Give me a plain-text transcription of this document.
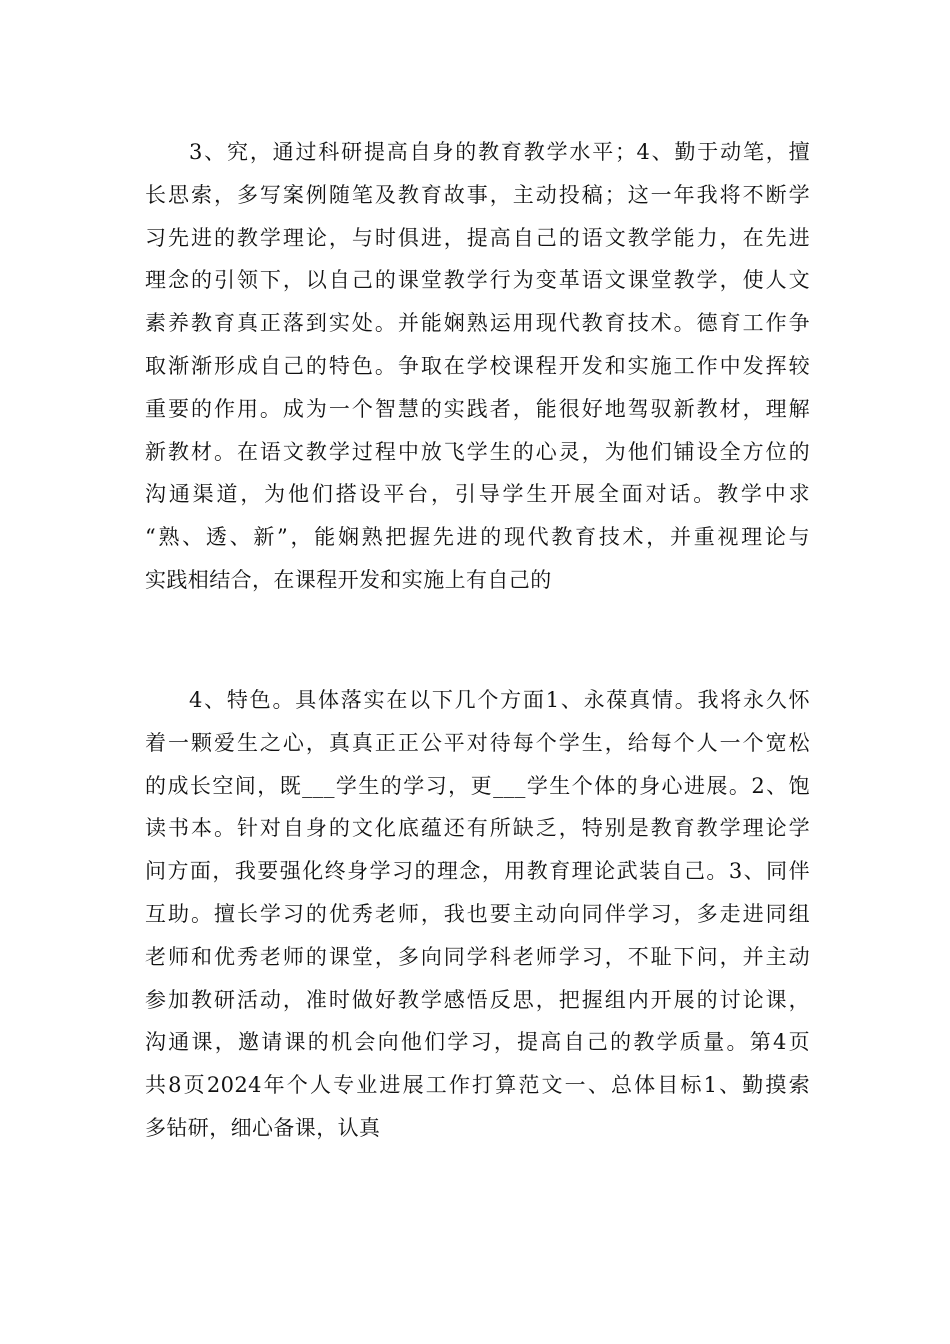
3、究，通过科研提高自身的教育教学水平；4、勤于动笔，擅
长思索，多写案例随笔及教育故事，主动投稿；这一年我将不断学
习先进的教学理论，与时俱进，提高自己的语文教学能力，在先进
理念的引领下，以自己的课堂教学行为变革语文课堂教学，使人文
素养教育真正落到实处。并能娴熟运用现代教育技术。德育工作争
取渐渐形成自己的特色。争取在学校课程开发和实施工作中发挥较
重要的作用。成为一个智慧的实践者，能很好地驾驭新教材，理解
新教材。在语文教学过程中放飞学生的心灵，为他们铺设全方位的
沟通渠道，为他们搭设平台，引导学生开展全面对话。教学中求
“熟、透、新”，能娴熟把握先进的现代教育技术，并重视理论与
实践相结合，在课程开发和实施上有自己的
4、特色。具体落实在以下几个方面1、永葆真情。我将永久怀
着一颗爱生之心，真真正正公平对待每个学生，给每个人一个宽松
的成长空间，既___学生的学习，更___学生个体的身心进展。2、饱
读书本。针对自身的文化底蕴还有所缺乏，特别是教育教学理论学
问方面，我要强化终身学习的理念，用教育理论武装自己。3、同伴
互助。擅长学习的优秀老师，我也要主动向同伴学习，多走进同组
老师和优秀老师的课堂，多向同学科老师学习，不耻下问，并主动
参加教研活动，准时做好教学感悟反思，把握组内开展的讨论课，
沟通课，邀请课的机会向他们学习，提高自己的教学质量。第4页
共8页2024年个人专业进展工作打算范文一、总体目标1、勤摸索
多钻研，细心备课，认真
